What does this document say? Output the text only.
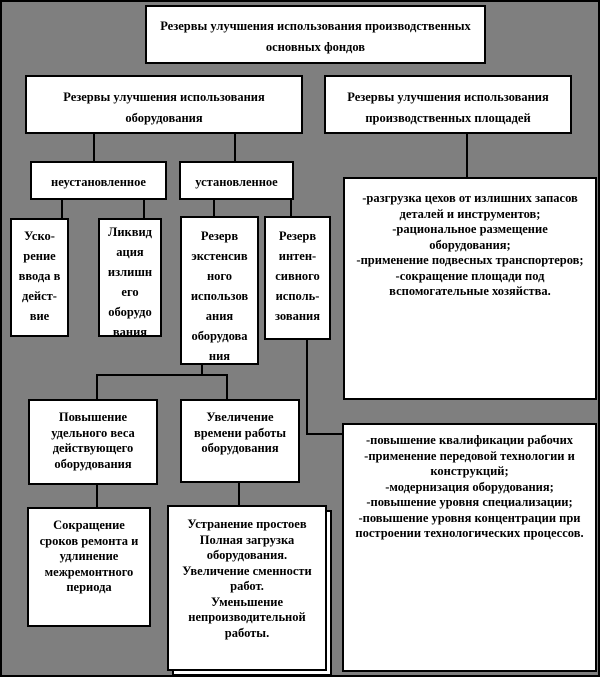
Резервы улучшения использования производственных
основных фондов
Резервы улучшения использования
оборудования
Резервы улучшения использования
производственных площадей
неустановленное	установленное
Уско-
рение
ввода в
дейст-
вие
Ликвид
ация
излишн
его
оборудо
вания
Резерв
экстенсив
ного
использов
ания
оборудова
ния
Резерв
интен-
сивного
исполь-
зования
-разгрузка цехов от излишних запасов
деталей и инструментов;
-рациональное размещение
оборудования;
-применение подвесных транспортеров;
-сокращение площади под
вспомогательные хозяйства.
-повышение квалификации рабочих
-применение передовой технологии и
конструкций;
-модернизация оборудования;
-повышение уровня специализации;
-повышение уровня концентрации при
построении технологических процессов.
Повышение
удельного веса
действующего
оборудования
Увеличение
времени работы
оборудования
Сокращение
сроков ремонта и
удлинение
межремонтного
периода
Устранение простоев
Полная загрузка
оборудования.
Увеличение сменности
работ.
Уменьшение
непроизводительной
работы.
